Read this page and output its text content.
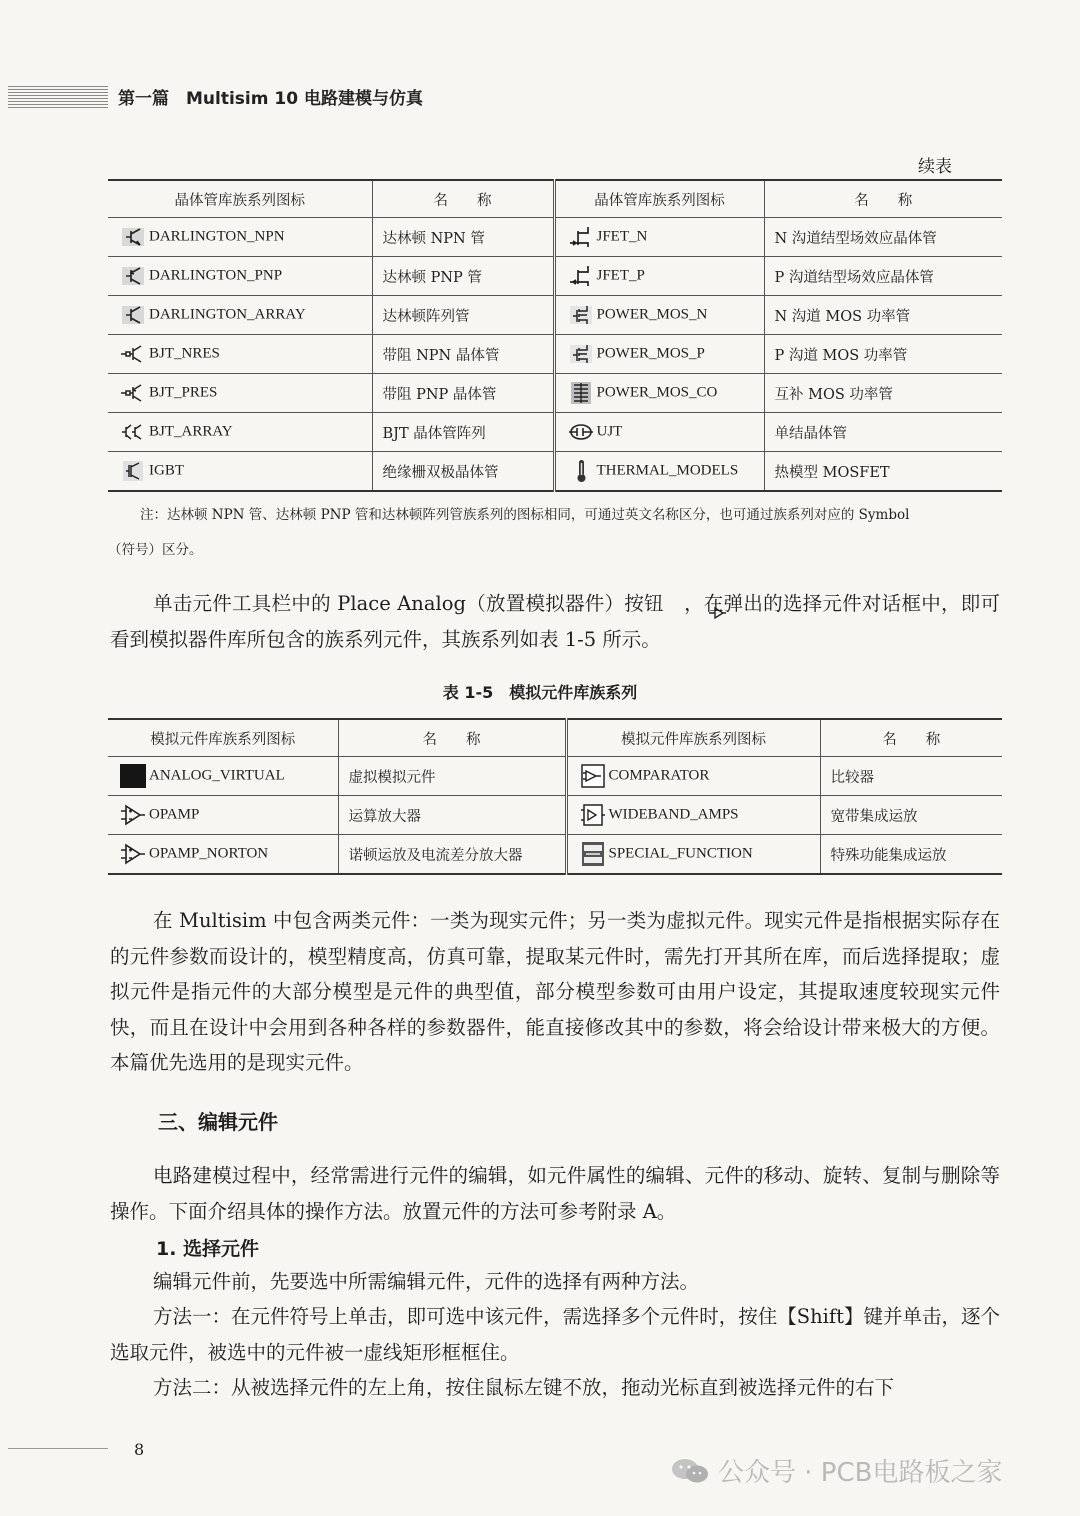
第一篇　Multisim 10 电路建模与仿真
续表
晶体管库族系列图标	名　　称	晶体管库族系列图标	名　　称

DARLINGTON_NPN	达林顿 NPN 管	JFET_N	N 沟道结型场效应晶体管

DARLINGTON_PNP	达林顿 PNP 管	JFET_P	P 沟道结型场效应晶体管

DARLINGTON_ARRAY	达林顿阵列管	POWER_MOS_N	N 沟道 MOS 功率管

BJT_NRES	带阻 NPN 晶体管	POWER_MOS_P	P 沟道 MOS 功率管

BJT_PRES	带阻 PNP 晶体管	POWER_MOS_CO	互补 MOS 功率管

BJT_ARRAY	BJT 晶体管阵列	UJT	单结晶体管

IGBT	绝缘栅双极晶体管	THERMAL_MODELS	热模型 MOSFET
注：达林顿 NPN 管、达林顿 PNP 管和达林顿阵列管族系列的图标相同，可通过英文名称区分，也可通过族系列对应的 Symbol
（符号）区分。
单击元件工具栏中的 Place Analog（放置模拟器件）按钮 ，在弹出的选择元件对话框中，即可看到模拟器件库所包含的族系列元件，其族系列如表 1-5 所示。
表 1-5　模拟元件库族系列
模拟元件库族系列图标	名　　称	模拟元件库族系列图标	名　　称

ANALOG_VIRTUAL	虚拟模拟元件	COMPARATOR	比较器

OPAMP	运算放大器	WIDEBAND_AMPS	宽带集成运放

OPAMP_NORTON	诺顿运放及电流差分放大器	SPECIAL_FUNCTION	特殊功能集成运放
在 Multisim 中包含两类元件：一类为现实元件；另一类为虚拟元件。现实元件是指根据实际存在的元件参数而设计的，模型精度高，仿真可靠，提取某元件时，需先打开其所在库，而后选择提取；虚拟元件是指元件的大部分模型是元件的典型值，部分模型参数可由用户设定，其提取速度较现实元件快，而且在设计中会用到各种各样的参数器件，能直接修改其中的参数，将会给设计带来极大的方便。本篇优先选用的是现实元件。
三、编辑元件
电路建模过程中，经常需进行元件的编辑，如元件属性的编辑、元件的移动、旋转、复制与删除等操作。下面介绍具体的操作方法。放置元件的方法可参考附录 A。
1. 选择元件
编辑元件前，先要选中所需编辑元件，元件的选择有两种方法。
方法一：在元件符号上单击，即可选中该元件，需选择多个元件时，按住【Shift】键并单击，逐个选取元件，被选中的元件被一虚线矩形框框住。
方法二：从被选择元件的左上角，按住鼠标左键不放，拖动光标直到被选择元件的右下
8
公众号 · PCB电路板之家
